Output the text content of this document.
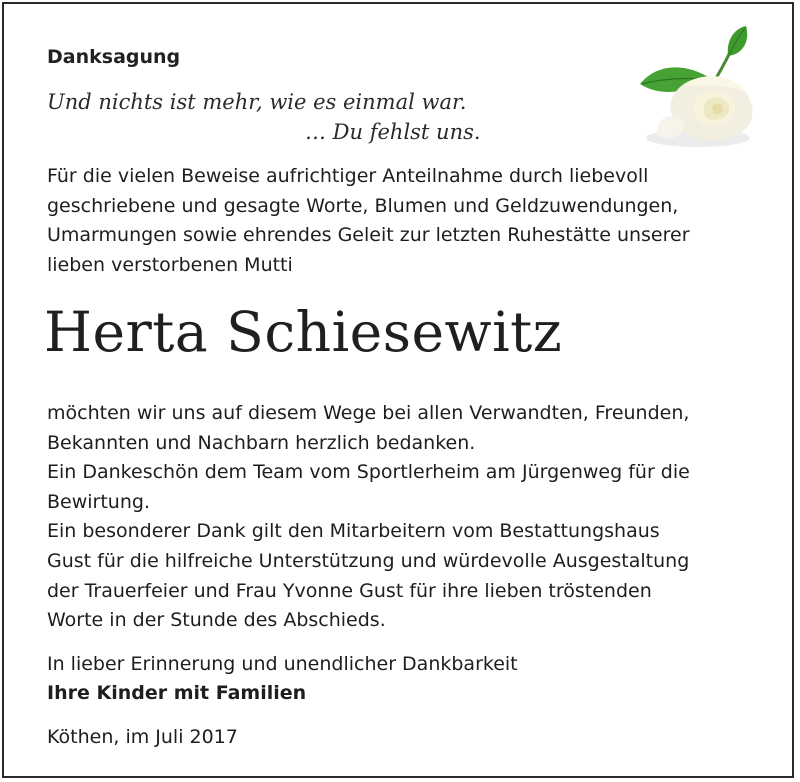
Danksagung
Und nichts ist mehr, wie es einmal war.
… Du fehlst uns.
Für die vielen Beweise aufrichtiger Anteilnahme durch liebevoll
geschriebene und gesagte Worte, Blumen und Geldzuwendungen,
Umarmungen sowie ehrendes Geleit zur letzten Ruhestätte unserer
lieben verstorbenen Mutti
Herta Schiesewitz
möchten wir uns auf diesem Wege bei allen Verwandten, Freunden,
Bekannten und Nachbarn herzlich bedanken.
Ein Dankeschön dem Team vom Sportlerheim am Jürgenweg für die
Bewirtung.
Ein besonderer Dank gilt den Mitarbeitern vom Bestattungshaus
Gust für die hilfreiche Unterstützung und würdevolle Ausgestaltung
der Trauerfeier und Frau Yvonne Gust für ihre lieben tröstenden
Worte in der Stunde des Abschieds.
In lieber Erinnerung und unendlicher Dankbarkeit
Ihre Kinder mit Familien
Köthen, im Juli 2017
